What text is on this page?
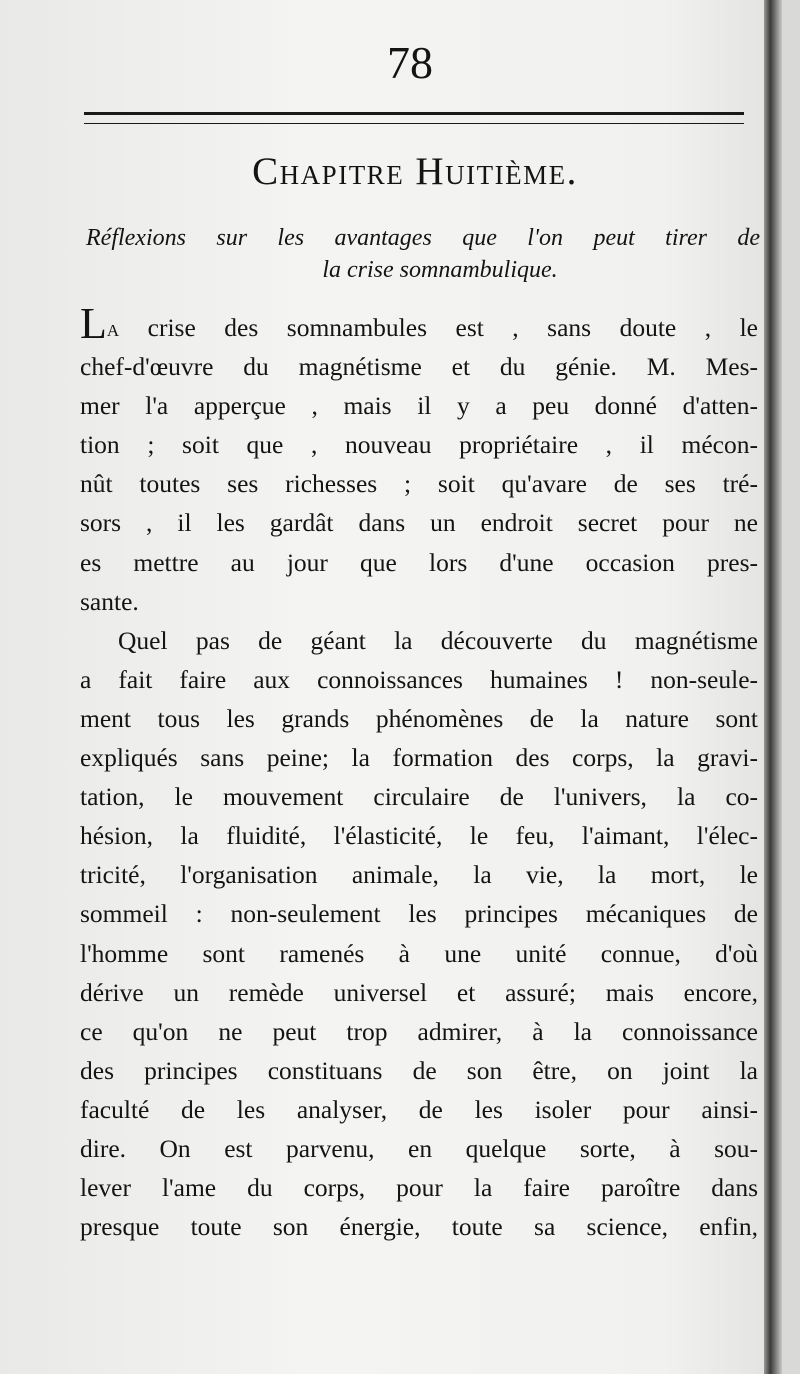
78
Chapitre Huitième.
Réflexions sur les avantages que l'on peut tirer de
la crise somnambulique.
La crise des somnambules est , sans doute , le
chef-d'œuvre du magnétisme et du génie. M. Mes-
mer l'a apperçue , mais il y a peu donné d'atten-
tion ; soit que , nouveau propriétaire , il mécon-
nût toutes ses richesses ; soit qu'avare de ses tré-
sors , il les gardât dans un endroit secret pour ne
es mettre au jour que lors d'une occasion pres-
sante.
Quel pas de géant la découverte du magnétisme
a fait faire aux connoissances humaines ! non-seule-
ment tous les grands phénomènes de la nature sont
expliqués sans peine; la formation des corps, la gravi-
tation, le mouvement circulaire de l'univers, la co-
hésion, la fluidité, l'élasticité, le feu, l'aimant, l'élec-
tricité, l'organisation animale, la vie, la mort, le
sommeil : non-seulement les principes mécaniques de
l'homme sont ramenés à une unité connue, d'où
dérive un remède universel et assuré; mais encore,
ce qu'on ne peut trop admirer, à la connoissance
des principes constituans de son être, on joint la
faculté de les analyser, de les isoler pour ainsi-
dire. On est parvenu, en quelque sorte, à sou-
lever l'ame du corps, pour la faire paroître dans
presque toute son énergie, toute sa science, enfin,
